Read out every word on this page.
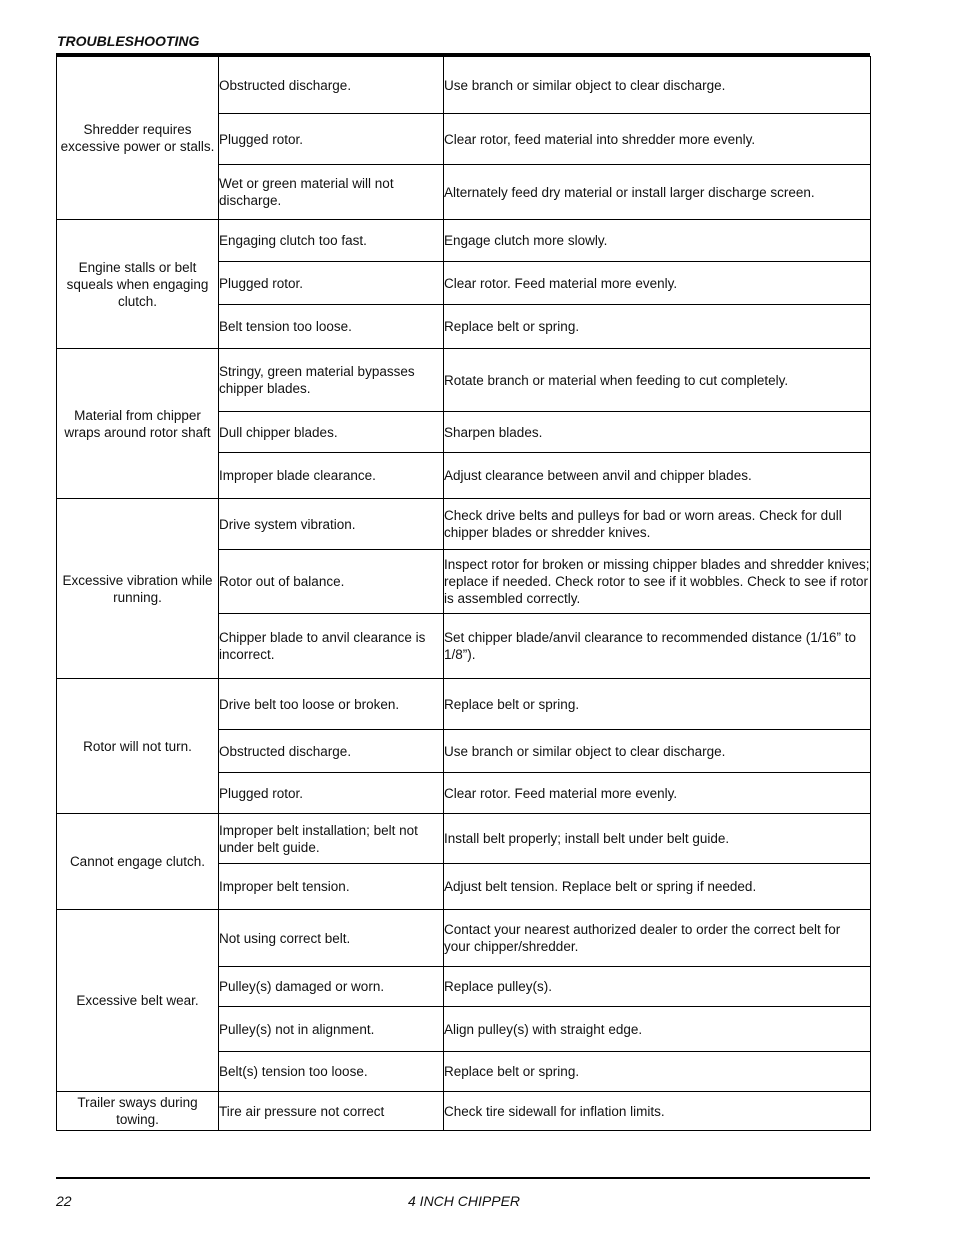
TROUBLESHOOTING
Shredder requires excessive power or stalls.	Obstructed discharge.	Use branch or similar object to clear discharge.
	Plugged rotor.	Clear rotor, feed material into shredder more evenly.
	Wet or green material will not discharge.	Alternately feed dry material or install larger discharge screen.
Engine stalls or belt squeals when engaging clutch.	Engaging clutch too fast.	Engage clutch more slowly.
	Plugged rotor.	Clear rotor. Feed material more evenly.
	Belt tension too loose.	Replace belt or spring.
Material from chipper wraps around rotor shaft	Stringy, green material bypasses chipper blades.	Rotate branch or material when feeding to cut completely.
	Dull chipper blades.	Sharpen blades.
	Improper blade clearance.	Adjust clearance between anvil and chipper blades.
Excessive vibration while running.	Drive system vibration.	Check drive belts and pulleys for bad or worn areas. Check for dull chipper blades or shredder knives.
	Rotor out of balance.	Inspect rotor for broken or missing chipper blades and shredder knives; replace if needed. Check rotor to see if it wobbles. Check to see if rotor is assembled correctly.
	Chipper blade to anvil clearance is incorrect.	Set chipper blade/anvil clearance to recommended distance (1/16” to 1/8”).
Rotor will not turn.	Drive belt too loose or broken.	Replace belt or spring.
	Obstructed discharge.	Use branch or similar object to clear discharge.
	Plugged rotor.	Clear rotor. Feed material more evenly.
Cannot engage clutch.	Improper belt installation; belt not under belt guide.	Install belt properly; install belt under belt guide.
	Improper belt tension.	Adjust belt tension. Replace belt or spring if needed.
Excessive belt wear.	Not using correct belt.	Contact your nearest authorized dealer to order the correct belt for your chipper/shredder.
	Pulley(s) damaged or worn.	Replace pulley(s).
	Pulley(s) not in alignment.	Align pulley(s) with straight edge.
	Belt(s) tension too loose.	Replace belt or spring.
Trailer sways during towing.	Tire air pressure not correct	Check tire sidewall for inflation limits.
22	4 INCH CHIPPER
